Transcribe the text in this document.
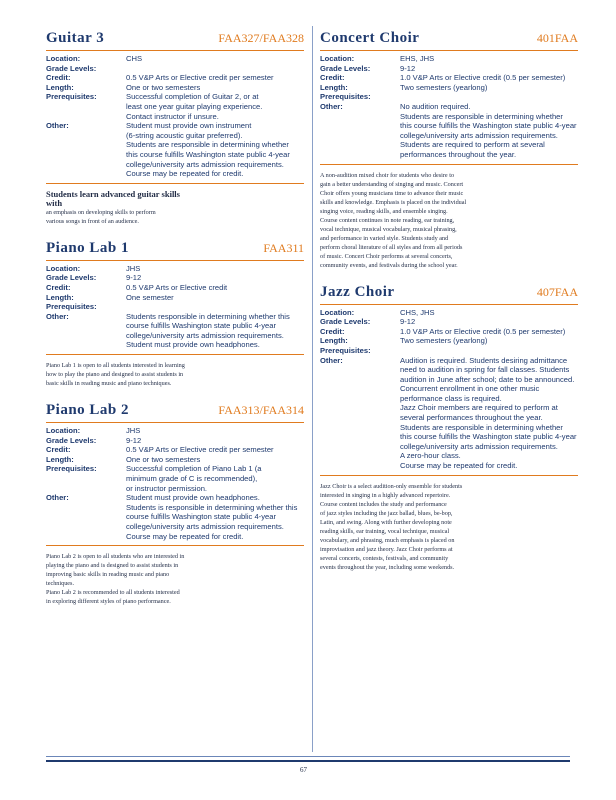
Guitar 3	FAA327/FAA328
Location:	CHS
Grade Levels:
Credit:	0.5 V&P Arts or Elective credit per semester
Length:	One or two semesters
Prerequisites:	Successful completion of Guitar 2, or at
least one year guitar playing experience.
Contact instructor if unsure.
Other:	Student must provide own instrument
(6-string acoustic guitar preferred).
Students are responsible in determining whether
this course fulfills Washington state public 4-year
college/university arts admission requirements.
Course may be repeated for credit.
Students learn advanced guitar skills with
an emphasis on developing skills to perform
various songs in front of an audience.
Piano Lab 1	FAA311
Location:	JHS
Grade Levels:	9-12
Credit:	0.5 V&P Arts or Elective credit
Length:	One semester
Prerequisites:
Other:	Students responsible in determining whether this
course fulfills Washington state public 4-year
college/university arts admission requirements.
Student must provide own headphones.
Piano Lab 1 is open to all students interested in learning
how to play the piano and designed to assist students in
basic skills in reading music and piano techniques.
Piano Lab 2	FAA313/FAA314
Location:	JHS
Grade Levels:	9-12
Credit:	0.5 V&P Arts or Elective credit per semester
Length:	One or two semesters
Prerequisites:	Successful completion of Piano Lab 1 (a
minimum grade of C is recommended),
or instructor permission.
Other:	Student must provide own headphones.
Students is responsible in determining whether this
course fulfills Washington state public 4-year
college/university arts admission requirements.
Course may be repeated for credit.
Piano Lab 2 is open to all students who are interested in
playing the piano and is designed to assist students in
improving basic skills in reading music and piano techniques.
Piano Lab 2 is recommended to all students interested
in exploring different styles of piano performance.
Concert Choir	401FAA
Location:	EHS, JHS
Grade Levels:	9-12
Credit:	1.0 V&P Arts or Elective credit (0.5 per semester)
Length:	Two semesters (yearlong)
Prerequisites:
Other:	No audition required.
Students are responsible in determining whether
this course fulfills the Washington state public 4-year
college/university arts admission requirements.
Students are required to perform at several
performances throughout the year.
A non-audition mixed choir for students who desire to
gain a better understanding of singing and music. Concert
Choir offers young musicians time to advance their music
skills and knowledge. Emphasis is placed on the individual
singing voice, reading skills, and ensemble singing.
Course content continues in note reading, ear training,
vocal technique, musical vocabulary, musical phrasing,
and performance in varied style. Students study and
perform choral literature of all styles and from all periods
of music. Concert Choir performs at several concerts,
community events, and festivals during the school year.
Jazz Choir	407FAA
Location:	CHS, JHS
Grade Levels:	9-12
Credit:	1.0 V&P Arts or Elective credit (0.5 per semester)
Length:	Two semesters (yearlong)
Prerequisites:
Other:	Audition is required. Students desiring admittance
need to audition in spring for fall classes. Students
audition in June after school; date to be announced.
Concurrent enrollment in one other music
performance class is required.
Jazz Choir members are required to perform at
several performances throughout the year.
Students are responsible in determining whether
this course fulfills the Washington state public 4-year
college/university arts admission requirements.
A zero-hour class.
Course may be repeated for credit.
Jazz Choir is a select audition-only ensemble for students
interested in singing in a highly advanced repertoire.
Course content includes the study and performance
of jazz styles including the jazz ballad, blues, be-bop,
Latin, and swing. Along with further developing note
reading skills, ear training, vocal technique, musical
vocabulary, and phrasing, much emphasis is placed on
improvisation and jazz theory. Jazz Choir performs at
several concerts, contests, festivals, and community
events throughout the year, including some weekends.
67
